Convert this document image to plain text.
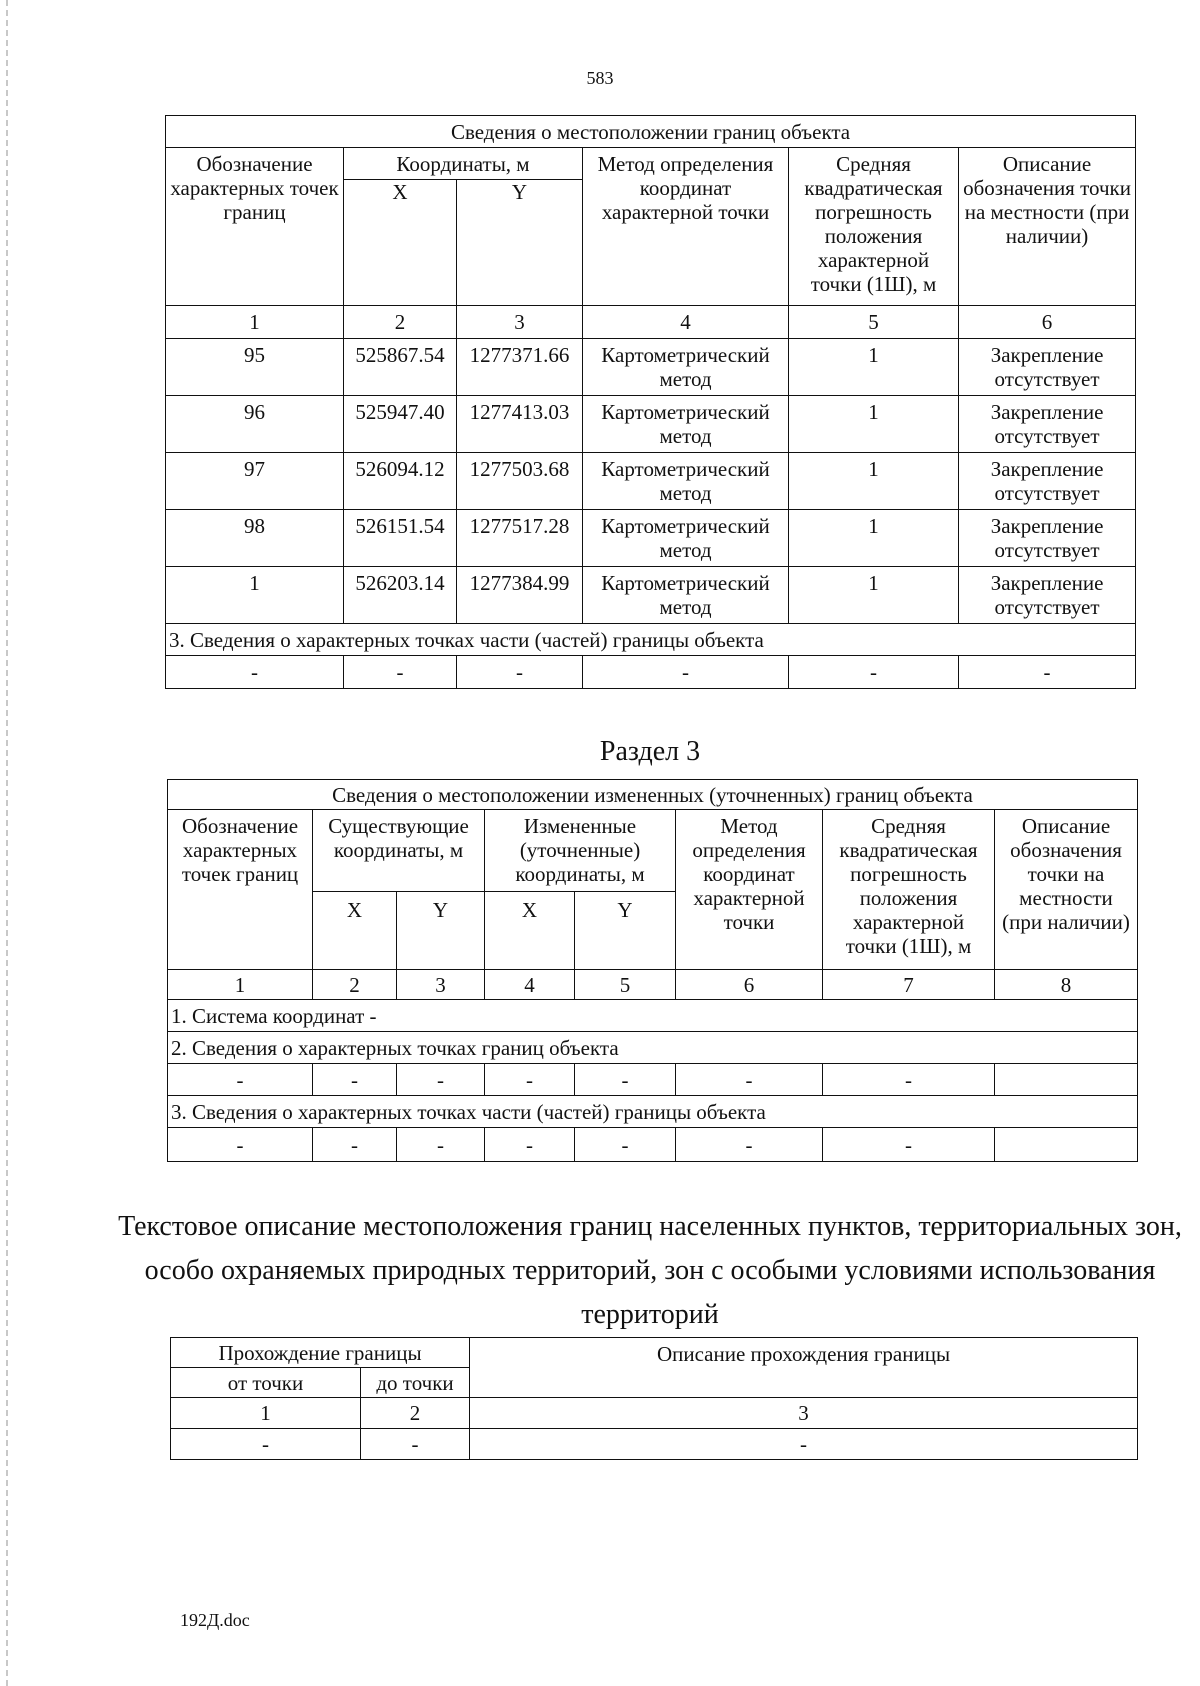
583
Сведения о местоположении границ объекта					
Обозначение характерных точек границ	Координаты, м		Метод определения координат характерной точки	Средняя квадратическая погрешность положения характерной точки (1Ш), м	Описание обозначения точки на местности (при наличии)
	X	Y			
1	2	3	4	5	6
95	525867.54	1277371.66	Картометрический метод	1	Закрепление отсутствует
96	525947.40	1277413.03	Картометрический метод	1	Закрепление отсутствует
97	526094.12	1277503.68	Картометрический метод	1	Закрепление отсутствует
98	526151.54	1277517.28	Картометрический метод	1	Закрепление отсутствует
1	526203.14	1277384.99	Картометрический метод	1	Закрепление отсутствует
3. Сведения о характерных точках части (частей) границы объекта					
-	-	-	-	-	-
Раздел 3
Сведения о местоположении измененных (уточненных) границ объекта							
Обозначение характерных точек границ	Существующие координаты, м		Измененные (уточненные) координаты, м		Метод определения координат характерной точки	Средняя квадратическая погрешность положения характерной точки (1Ш), м	Описание обозначения точки на местности (при наличии)
	X	Y	X	Y			
1	2	3	4	5	6	7	8
1. Система координат -							
2. Сведения о характерных точках границ объекта							
-	-	-	-	-	-	-	
3. Сведения о характерных точках части (частей) границы объекта							
-	-	-	-	-	-	-	
Текстовое описание местоположения границ населенных пунктов, территориальных зон, особо охраняемых природных территорий, зон с особыми условиями использования территорий
Прохождение границы		Описание прохождения границы
от точки	до точки	
1	2	3
-	-	-
192Д.doc
